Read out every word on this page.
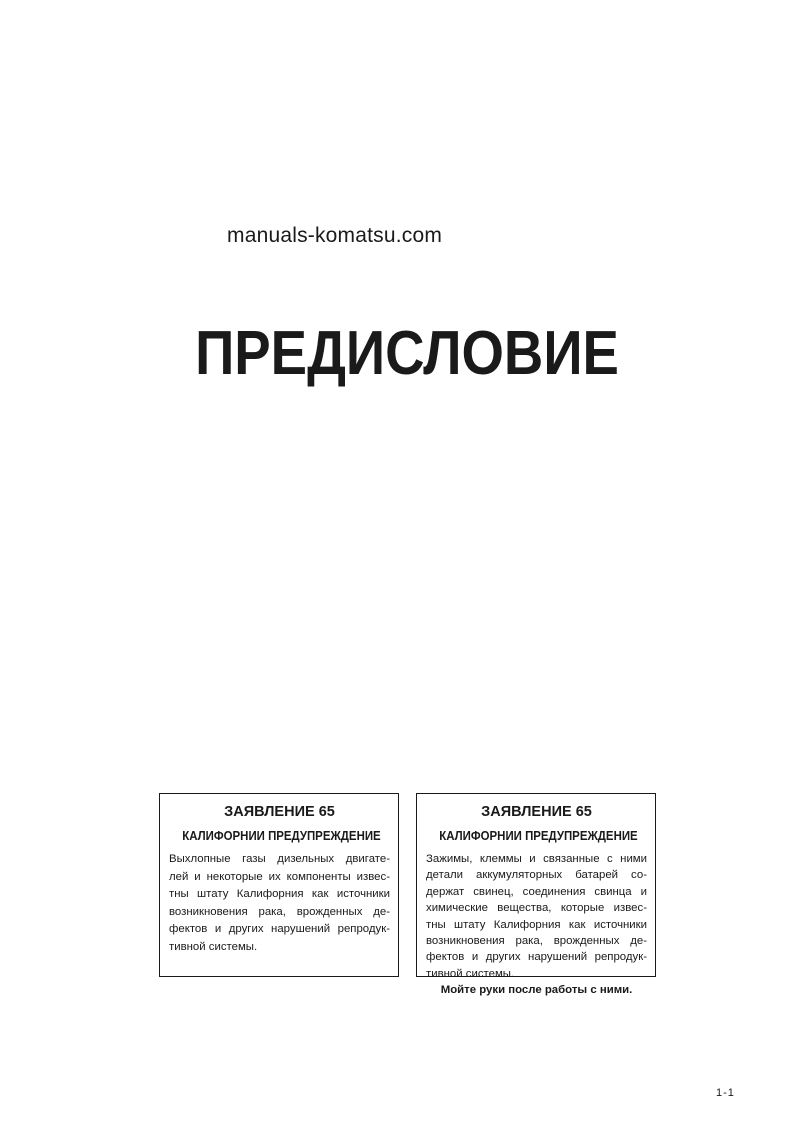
manuals-komatsu.com
ПРЕДИСЛОВИЕ
ЗАЯВЛЕНИЕ 65
КАЛИФОРНИИ ПРЕДУПРЕЖДЕНИЕ
Выхлопные газы дизельных двигате-
лей и некоторые их компоненты извес-
тны штату Калифорния как источники
возникновения рака, врожденных де-
фектов и других нарушений репродук-
тивной системы.
ЗАЯВЛЕНИЕ 65
КАЛИФОРНИИ ПРЕДУПРЕЖДЕНИЕ
Зажимы, клеммы и связанные с ними
детали аккумуляторных батарей со-
держат свинец, соединения свинца и
химические вещества, которые извес-
тны штату Калифорния как источники
возникновения рака, врожденных де-
фектов и других нарушений репродук-
тивной системы.
Мойте руки после работы с ними.
1-1
